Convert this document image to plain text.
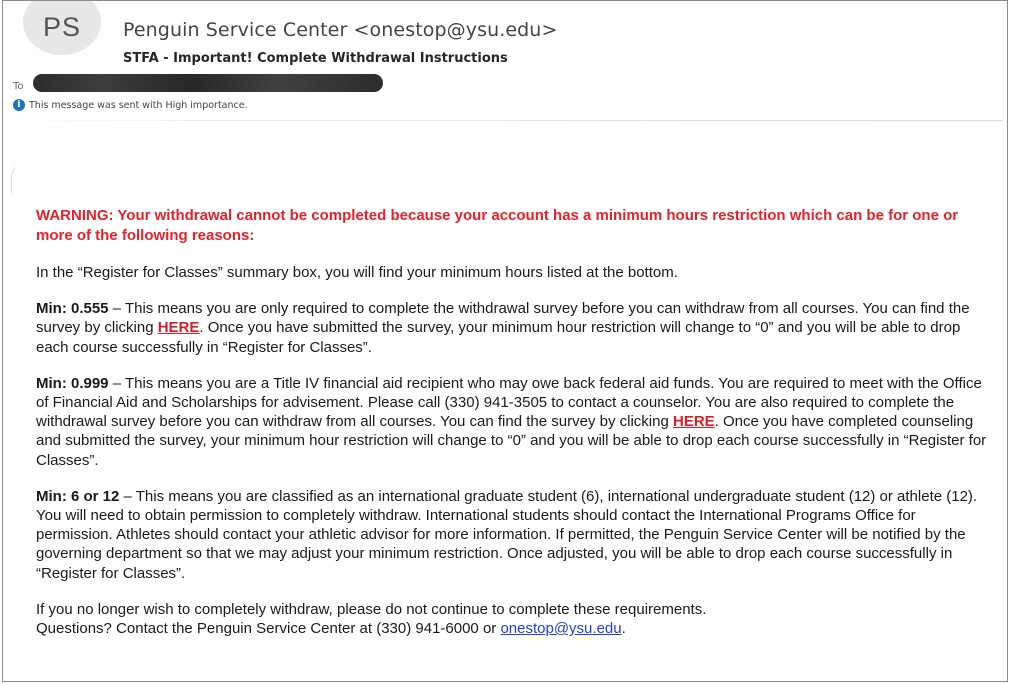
PS Penguin Service Center <onestop@ysu.edu>
STFA - Important! Complete Withdrawal Instructions
To
i This message was sent with High importance.

WARNING: Your withdrawal cannot be completed because your account has a minimum hours restriction which can be for one or more of the following reasons:

In the “Register for Classes” summary box, you will find your minimum hours listed at the bottom.

Min: 0.555 – This means you are only required to complete the withdrawal survey before you can withdraw from all courses. You can find the survey by clicking HERE. Once you have submitted the survey, your minimum hour restriction will change to “0” and you will be able to drop each course successfully in “Register for Classes”.

Min: 0.999 – This means you are a Title IV financial aid recipient who may owe back federal aid funds. You are required to meet with the Office of Financial Aid and Scholarships for advisement. Please call (330) 941-3505 to contact a counselor. You are also required to complete the withdrawal survey before you can withdraw from all courses. You can find the survey by clicking HERE. Once you have completed counseling and submitted the survey, your minimum hour restriction will change to “0” and you will be able to drop each course successfully in “Register for Classes”.

Min: 6 or 12 – This means you are classified as an international graduate student (6), international undergraduate student (12) or athlete (12). You will need to obtain permission to completely withdraw. International students should contact the International Programs Office for permission. Athletes should contact your athletic advisor for more information. If permitted, the Penguin Service Center will be notified by the governing department so that we may adjust your minimum restriction. Once adjusted, you will be able to drop each course successfully in “Register for Classes”.

If you no longer wish to completely withdraw, please do not continue to complete these requirements.

Questions? Contact the Penguin Service Center at (330) 941-6000 or onestop@ysu.edu.
